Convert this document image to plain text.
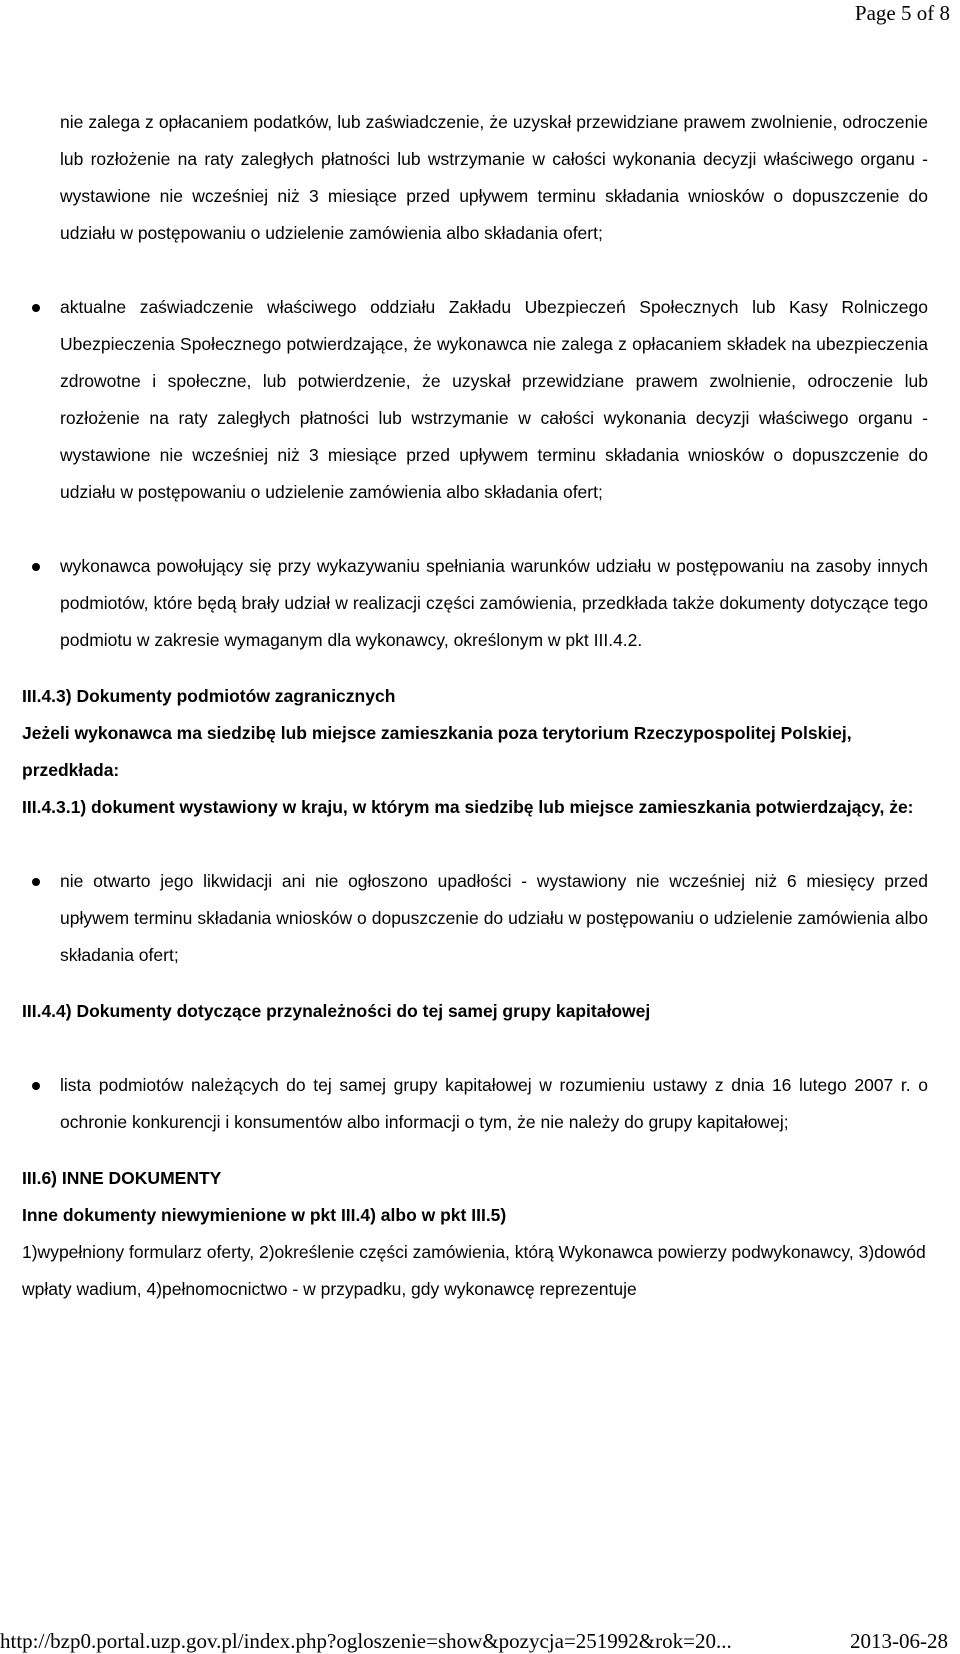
Page 5 of 8
nie zalega z opłacaniem podatków, lub zaświadczenie, że uzyskał przewidziane prawem zwolnienie, odroczenie lub rozłożenie na raty zaległych płatności lub wstrzymanie w całości wykonania decyzji właściwego organu - wystawione nie wcześniej niż 3 miesiące przed upływem terminu składania wniosków o dopuszczenie do udziału w postępowaniu o udzielenie zamówienia albo składania ofert;
aktualne zaświadczenie właściwego oddziału Zakładu Ubezpieczeń Społecznych lub Kasy Rolniczego Ubezpieczenia Społecznego potwierdzające, że wykonawca nie zalega z opłacaniem składek na ubezpieczenia zdrowotne i społeczne, lub potwierdzenie, że uzyskał przewidziane prawem zwolnienie, odroczenie lub rozłożenie na raty zaległych płatności lub wstrzymanie w całości wykonania decyzji właściwego organu - wystawione nie wcześniej niż 3 miesiące przed upływem terminu składania wniosków o dopuszczenie do udziału w postępowaniu o udzielenie zamówienia albo składania ofert;
wykonawca powołujący się przy wykazywaniu spełniania warunków udziału w postępowaniu na zasoby innych podmiotów, które będą brały udział w realizacji części zamówienia, przedkłada także dokumenty dotyczące tego podmiotu w zakresie wymaganym dla wykonawcy, określonym w pkt III.4.2.
III.4.3) Dokumenty podmiotów zagranicznych
Jeżeli wykonawca ma siedzibę lub miejsce zamieszkania poza terytorium Rzeczypospolitej Polskiej, przedkłada:
III.4.3.1) dokument wystawiony w kraju, w którym ma siedzibę lub miejsce zamieszkania potwierdzający, że:
nie otwarto jego likwidacji ani nie ogłoszono upadłości - wystawiony nie wcześniej niż 6 miesięcy przed upływem terminu składania wniosków o dopuszczenie do udziału w postępowaniu o udzielenie zamówienia albo składania ofert;
III.4.4) Dokumenty dotyczące przynależności do tej samej grupy kapitałowej
lista podmiotów należących do tej samej grupy kapitałowej w rozumieniu ustawy z dnia 16 lutego 2007 r. o ochronie konkurencji i konsumentów albo informacji o tym, że nie należy do grupy kapitałowej;
III.6) INNE DOKUMENTY
Inne dokumenty niewymienione w pkt III.4) albo w pkt III.5)
1)wypełniony formularz oferty, 2)określenie części zamówienia, którą Wykonawca powierzy podwykonawcy, 3)dowód wpłaty wadium, 4)pełnomocnictwo - w przypadku, gdy wykonawcę reprezentuje
http://bzp0.portal.uzp.gov.pl/index.php?ogloszenie=show&pozycja=251992&rok=20...	2013-06-28
